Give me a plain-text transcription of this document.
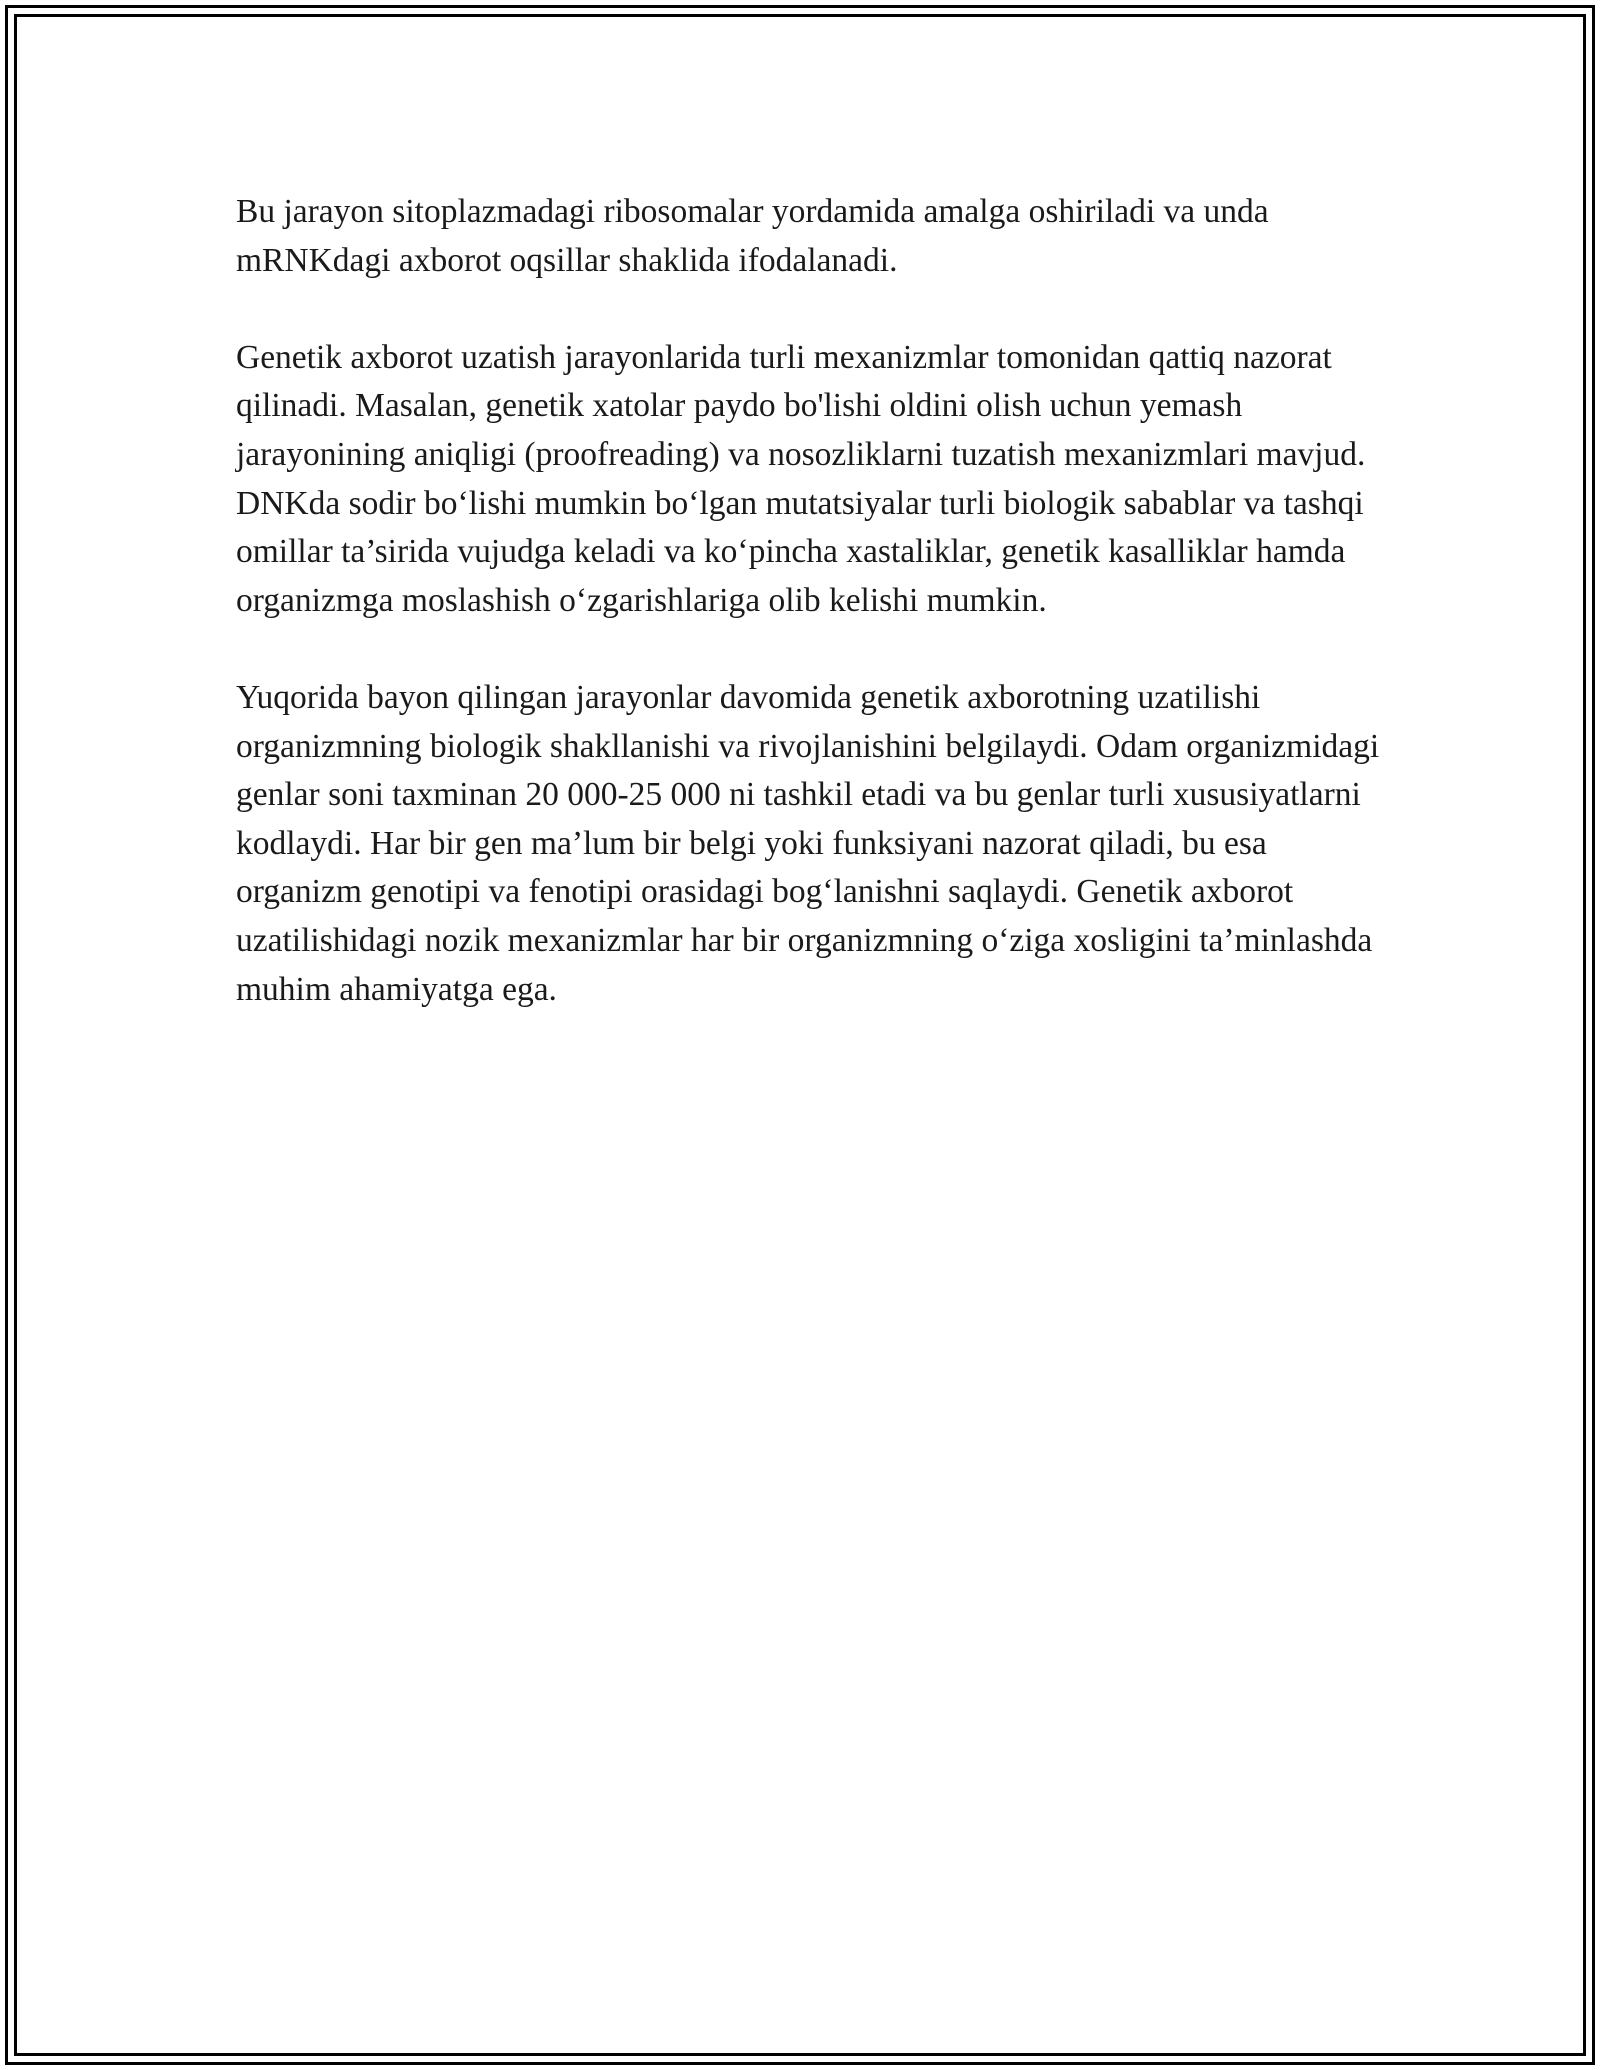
Bu jarayon sitoplazmadagi ribosomalar yordamida amalga oshiriladi va unda mRNKdagi axborot oqsillar shaklida ifodalanadi.

Genetik axborot uzatish jarayonlarida turli mexanizmlar tomonidan qattiq nazorat qilinadi. Masalan, genetik xatolar paydo bo'lishi oldini olish uchun yemash jarayonining aniqligi (proofreading) va nosozliklarni tuzatish mexanizmlari mavjud. DNKda sodir bo‘lishi mumkin bo‘lgan mutatsiyalar turli biologik sabablar va tashqi omillar ta’sirida vujudga keladi va ko‘pincha xastaliklar, genetik kasalliklar hamda organizmga moslashish o‘zgarishlariga olib kelishi mumkin.

Yuqorida bayon qilingan jarayonlar davomida genetik axborotning uzatilishi organizmning biologik shakllanishi va rivojlanishini belgilaydi. Odam organizmidagi genlar soni taxminan 20 000-25 000 ni tashkil etadi va bu genlar turli xususiyatlarni kodlaydi. Har bir gen ma’lum bir belgi yoki funksiyani nazorat qiladi, bu esa organizm genotipi va fenotipi orasidagi bog‘lanishni saqlaydi. Genetik axborot uzatilishidagi nozik mexanizmlar har bir organizmning o‘ziga xosligini ta’minlashda muhim ahamiyatga ega.
